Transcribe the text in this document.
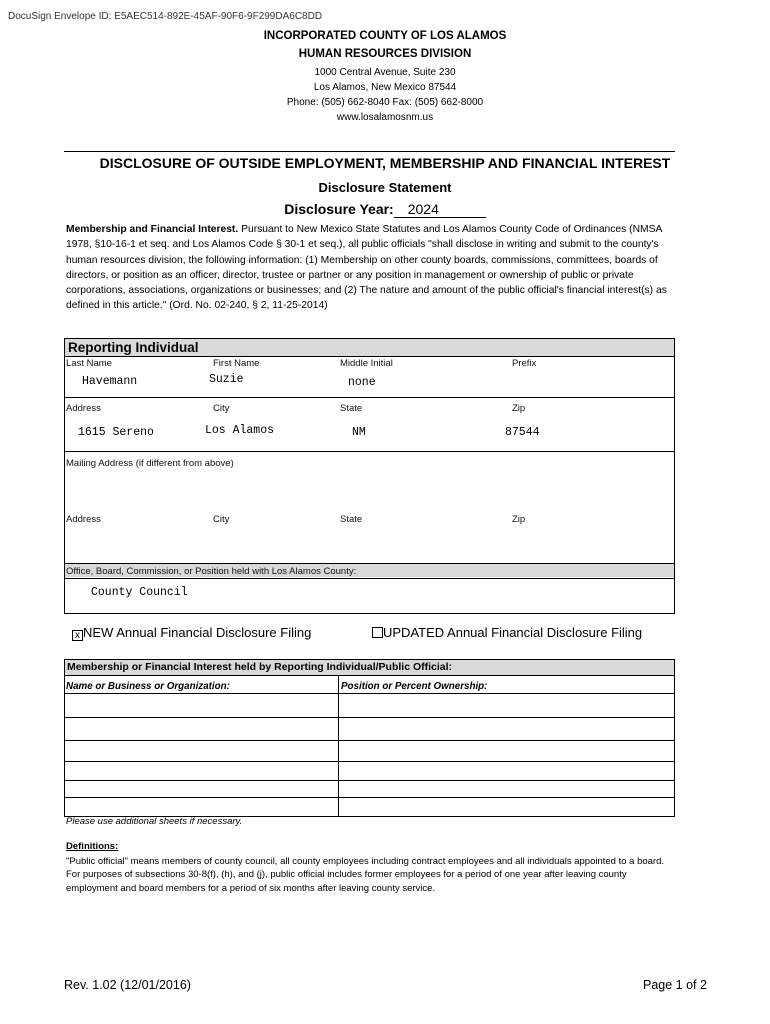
DocuSign Envelope ID: E5AEC514-892E-45AF-90F6-9F299DA6C8DD
INCORPORATED COUNTY OF LOS ALAMOS
HUMAN RESOURCES DIVISION
1000 Central Avenue, Suite 230
Los Alamos, New Mexico 87544
Phone: (505) 662-8040 Fax: (505) 662-8000
www.losalamosnm.us
DISCLOSURE OF OUTSIDE EMPLOYMENT, MEMBERSHIP AND FINANCIAL INTEREST
Disclosure Statement
Disclosure Year: 2024
Membership and Financial Interest. Pursuant to New Mexico State Statutes and Los Alamos County Code of Ordinances (NMSA 1978, §10-16-1 et seq. and Los Alamos Code § 30-1 et seq.), all public officials "shall disclose in writing and submit to the county's human resources division, the following information: (1) Membership on other county boards, commissions, committees, boards of directors, or position as an officer, director, trustee or partner or any position in management or ownership of public or private corporations, associations, organizations or businesses; and (2) The nature and amount of the public official's financial interest(s) as defined in this article." (Ord. No. 02-240, § 2, 11-25-2014)
Reporting Individual
Last Name	First Name	Middle Initial	Prefix
Havemann	Suzie	none
Address	City	State	Zip
1615 Sereno	Los Alamos	NM	87544
Mailing Address (if different from above)
Address	City	State	Zip
Office, Board, Commission, or Position held with Los Alamos County:
County Council
x NEW Annual Financial Disclosure Filing	UPDATED Annual Financial Disclosure Filing
Membership or Financial Interest held by Reporting Individual/Public Official:
Name or Business or Organization:	Position or Percent Ownership:
Please use additional sheets if necessary.
Definitions:
"Public official" means members of county council, all county employees including contract employees and all individuals appointed to a board. For purposes of subsections 30-8(f), (h), and (j), public official includes former employees for a period of one year after leaving county employment and board members for a period of six months after leaving county service.
Rev. 1.02 (12/01/2016)	Page 1 of 2
